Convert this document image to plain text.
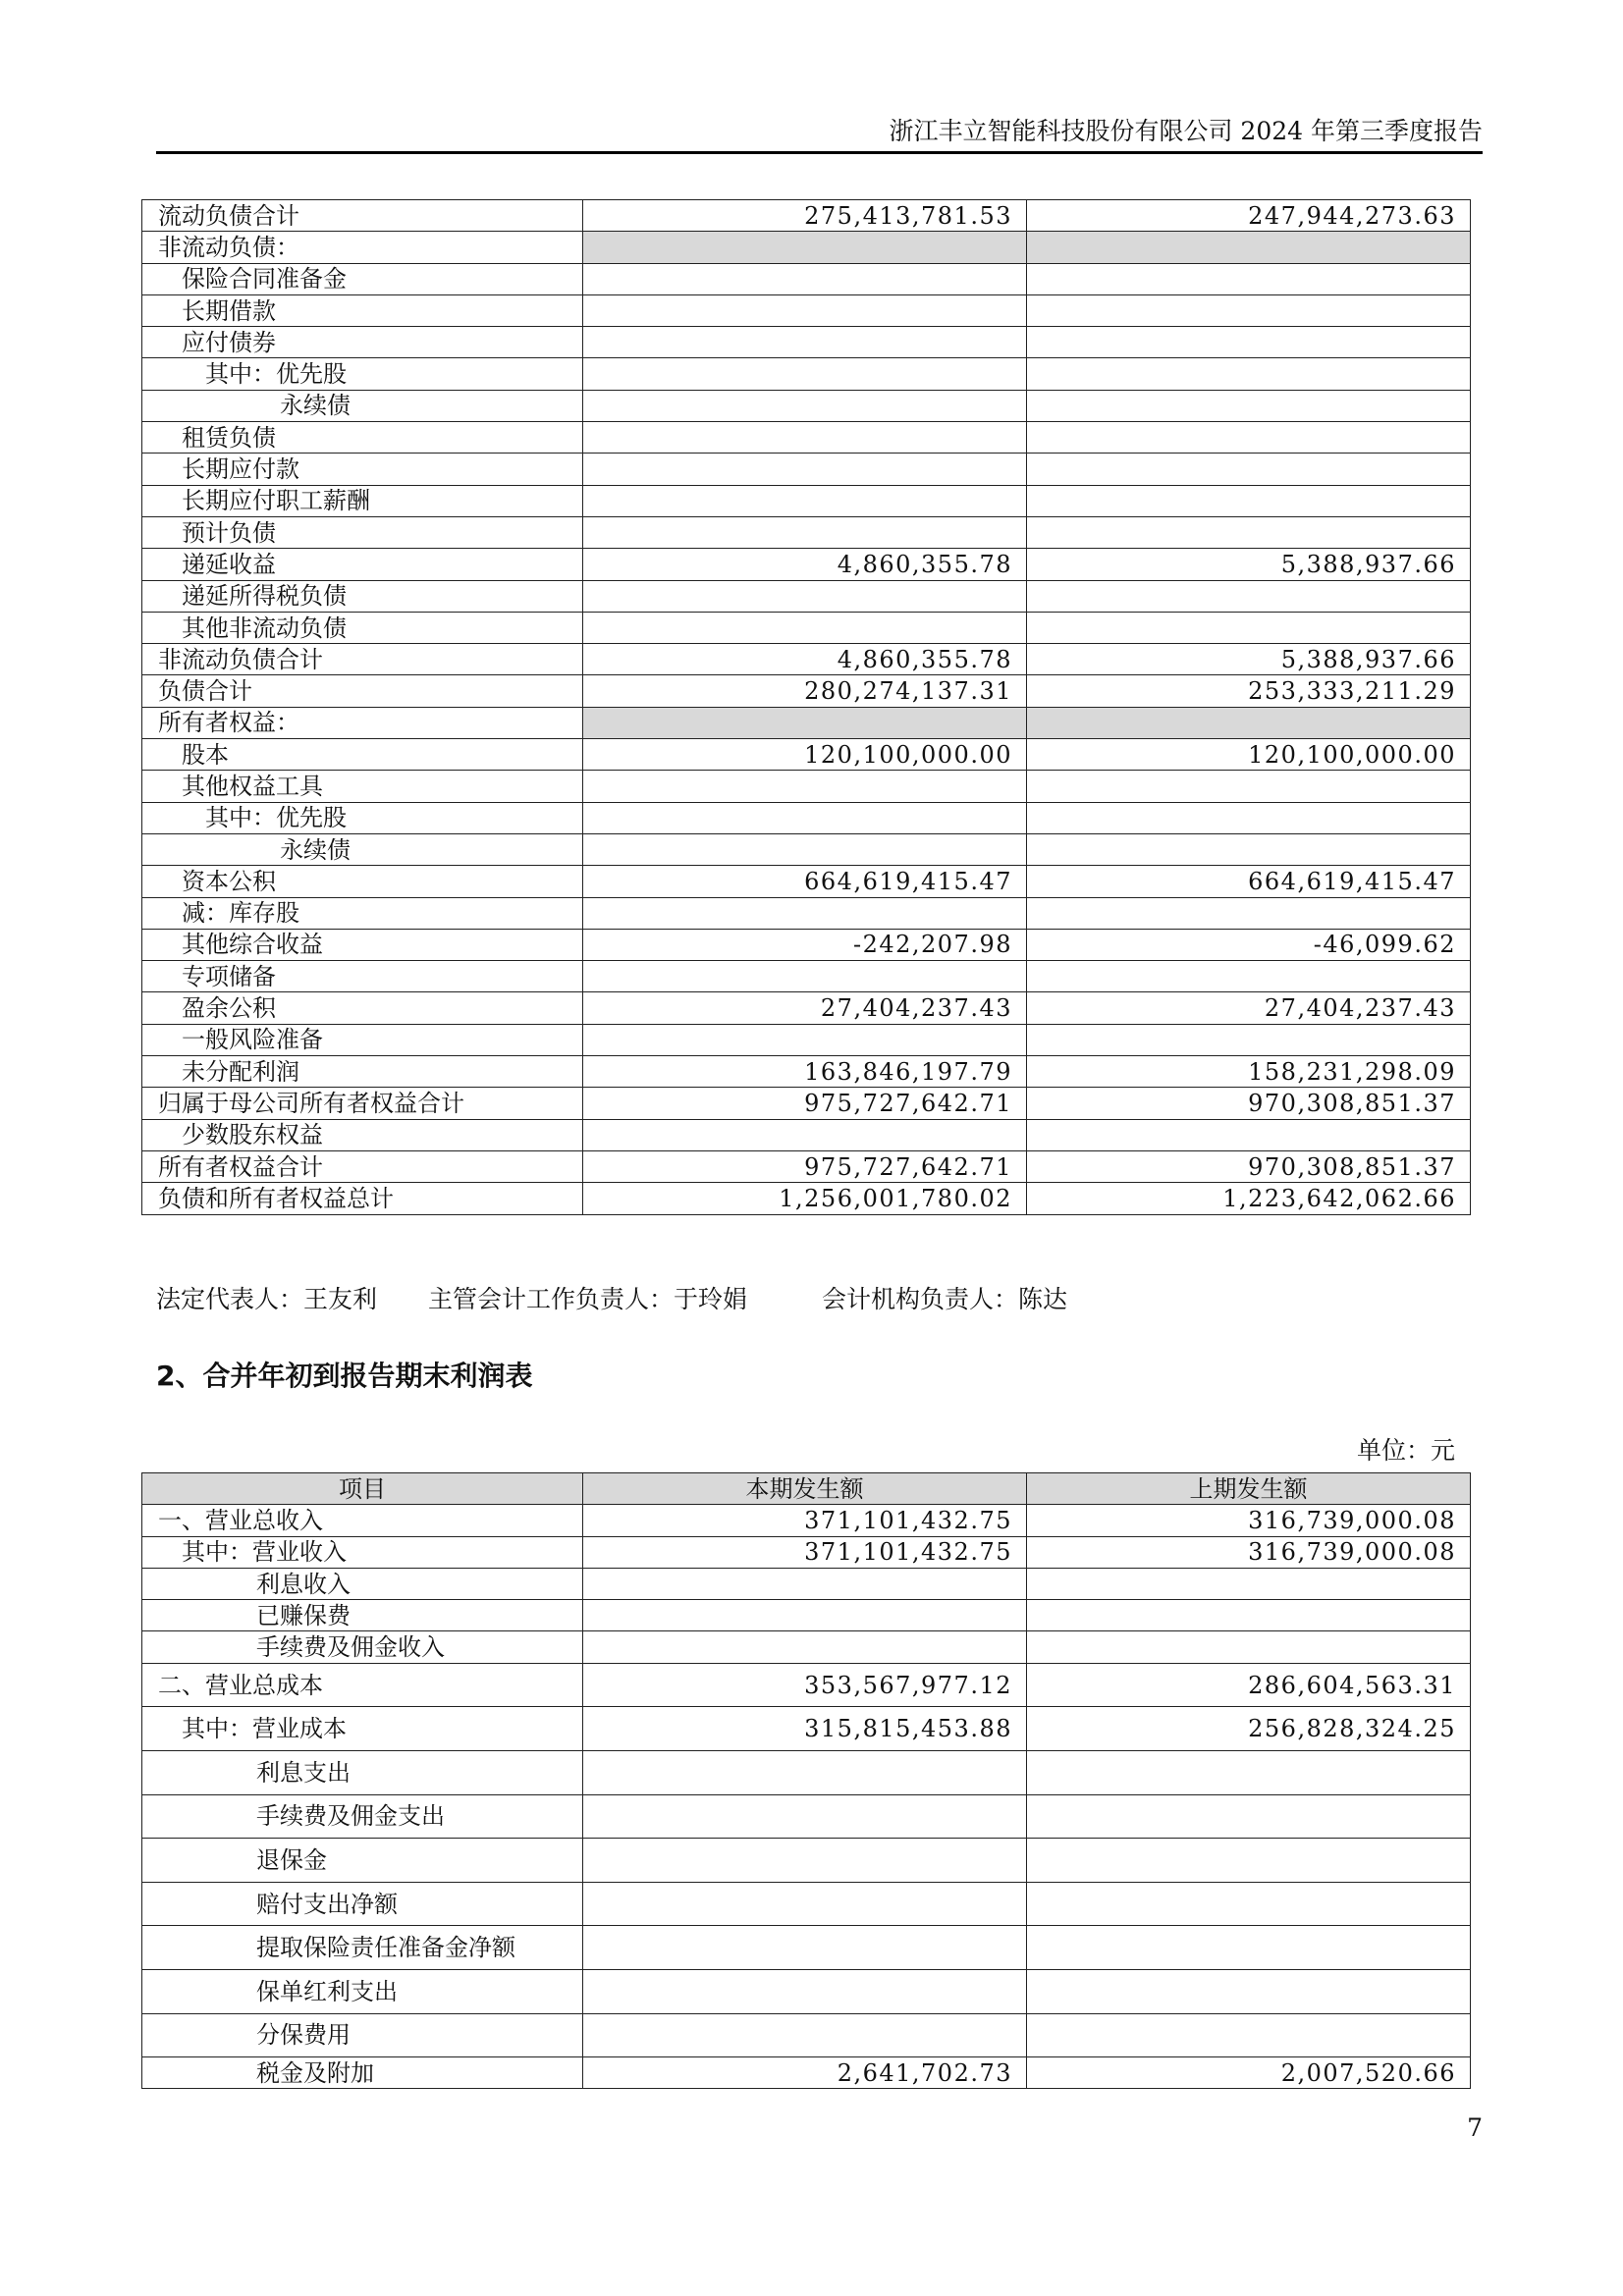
浙江丰立智能科技股份有限公司 2024 年第三季度报告
流动负债合计	275,413,781.53	247,944,273.63
非流动负债：		
保险合同准备金		
长期借款		
应付债券		
其中：优先股		
永续债		
租赁负债		
长期应付款		
长期应付职工薪酬		
预计负债		
递延收益	4,860,355.78	5,388,937.66
递延所得税负债		
其他非流动负债		
非流动负债合计	4,860,355.78	5,388,937.66
负债合计	280,274,137.31	253,333,211.29
所有者权益：		
股本	120,100,000.00	120,100,000.00
其他权益工具		
其中：优先股		
永续债		
资本公积	664,619,415.47	664,619,415.47
减：库存股		
其他综合收益	-242,207.98	-46,099.62
专项储备		
盈余公积	27,404,237.43	27,404,237.43
一般风险准备		
未分配利润	163,846,197.79	158,231,298.09
归属于母公司所有者权益合计	975,727,642.71	970,308,851.37
少数股东权益		
所有者权益合计	975,727,642.71	970,308,851.37
负债和所有者权益总计	1,256,001,780.02	1,223,642,062.66
法定代表人：王友利 主管会计工作负责人：于玲娟	会计机构负责人：陈达
2、合并年初到报告期末利润表
单位：元
项目	本期发生额	上期发生额
一、营业总收入	371,101,432.75	316,739,000.08
其中：营业收入	371,101,432.75	316,739,000.08
利息收入		
已赚保费		
手续费及佣金收入		
二、营业总成本	353,567,977.12	286,604,563.31
其中：营业成本	315,815,453.88	256,828,324.25
利息支出		
手续费及佣金支出		
退保金		
赔付支出净额		
提取保险责任准备金净额		
保单红利支出		
分保费用		
税金及附加	2,641,702.73	2,007,520.66
7
